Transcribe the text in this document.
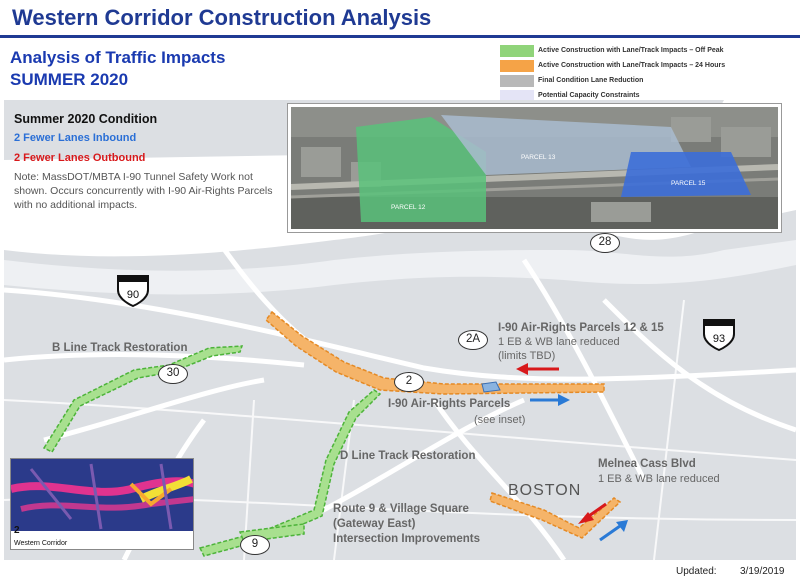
Western Corridor Construction Analysis
Analysis of Traffic Impacts
SUMMER 2020
Active Construction with Lane/Track Impacts – Off Peak
Active Construction with Lane/Track Impacts – 24 Hours
Final Condition Lane Reduction
Potential Capacity Constraints
Summer 2020 Condition
2 Fewer Lanes Inbound
2 Fewer Lanes Outbound
Note: MassDOT/MBTA I-90 Tunnel Safety Work not shown. Occurs concurrently with I-90 Air-Rights Parcels with no additional impacts.	PARCEL 12
PARCEL 13
PARCEL 15
90
93
28
2A
2
30
9
B Line Track Restoration
D Line Track Restoration
I-90 Air-Rights Parcels 12 & 15
1 EB & WB lane reduced
(limits TBD)
I-90 Air-Rights Parcels
(see inset)
Melnea Cass Blvd
1 EB & WB lane reduced
Route 9 & Village Square
(Gateway East)
Intersection Improvements
BOSTON
2
Western Corridor
Updated: 3/19/2019
